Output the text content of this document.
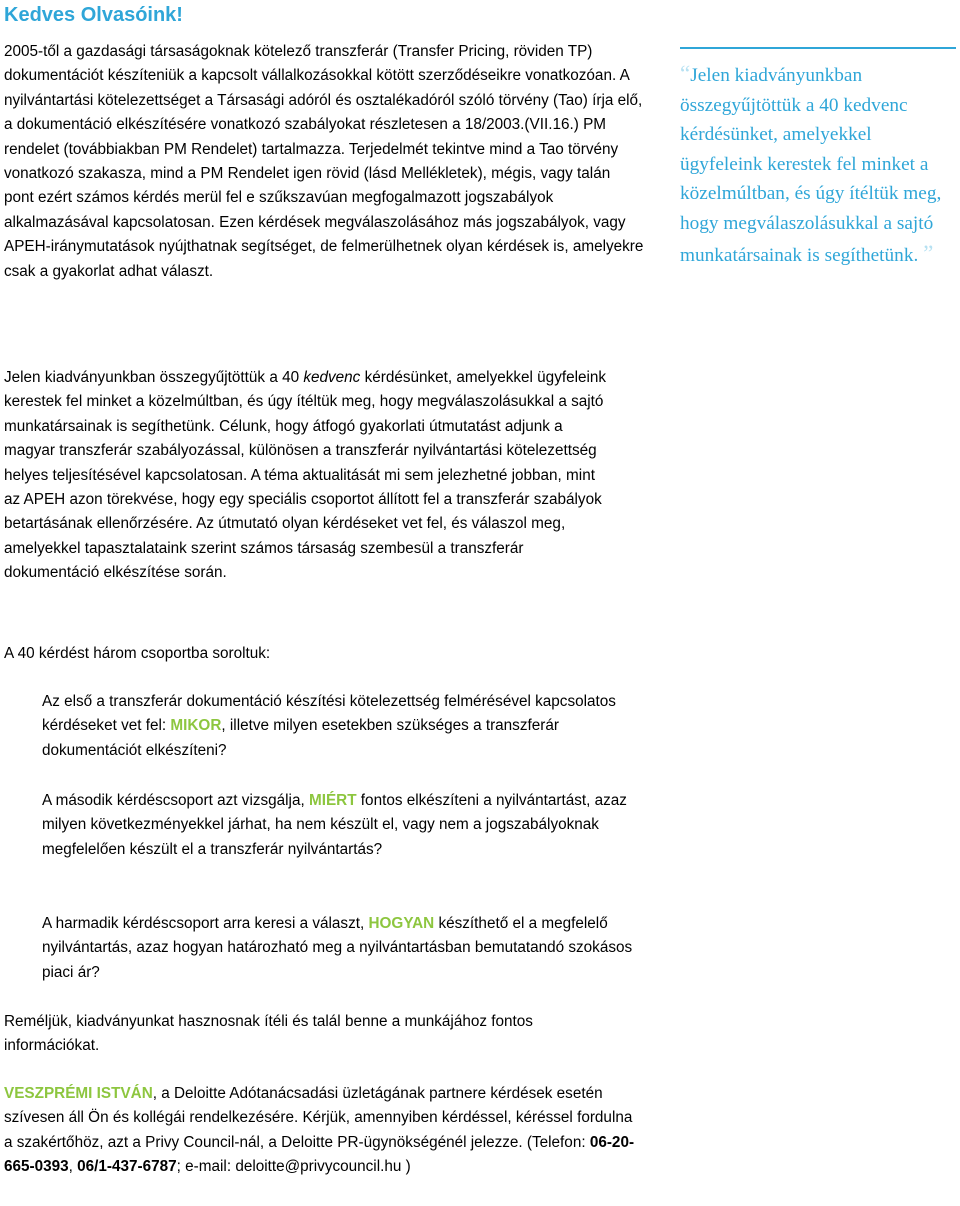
Kedves Olvasóink!

2005-től a gazdasági társaságoknak kötelező transzferár (Transfer Pricing, röviden TP) dokumentációt készíteniük a kapcsolt vállalkozásokkal kötött szerződéseikre vonatkozóan. A nyilvántartási kötelezettséget a Társasági adóról és osztalékadóról szóló törvény (Tao) írja elő, a dokumentáció elkészítésére vonatkozó szabályokat részletesen a 18/2003.(VII.16.) PM rendelet (továbbiakban PM Rendelet) tartalmazza. Terjedelmét tekintve mind a Tao törvény vonatkozó szakasza, mind a PM Rendelet igen rövid (lásd Mellékletek), mégis, vagy talán pont ezért számos kérdés merül fel e szűkszavúan megfogalmazott jogszabályok alkalmazásával kapcsolatosan. Ezen kérdések megválaszolásához más jogszabályok, vagy APEH-iránymutatások nyújthatnak segítséget, de felmerülhetnek olyan kérdések is, amelyekre csak a gyakorlat adhat választ.

“Jelen kiadványunkban összegyűjtöttük a 40 kedvenc kérdésünket, amelyekkel ügyfeleink kerestek fel minket a közelmúltban, és úgy ítéltük meg, hogy megválaszolásukkal a sajtó munkatársainak is segíthetünk. ”

Jelen kiadványunkban összegyűjtöttük a 40 kedvenc kérdésünket, amelyekkel ügyfeleink kerestek fel minket a közelmúltban, és úgy ítéltük meg, hogy megválaszolásukkal a sajtó munkatársainak is segíthetünk. Célunk, hogy átfogó gyakorlati útmutatást adjunk a magyar transzferár szabályozással, különösen a transzferár nyilvántartási kötelezettség helyes teljesítésével kapcsolatosan. A téma aktualitását mi sem jelezhetné jobban, mint az APEH azon törekvése, hogy egy speciális csoportot állított fel a transzferár szabályok betartásának ellenőrzésére. Az útmutató olyan kérdéseket vet fel, és válaszol meg, amelyekkel tapasztalataink szerint számos társaság szembesül a transzferár dokumentáció elkészítése során.

A 40 kérdést három csoportba soroltuk:

Az első a transzferár dokumentáció készítési kötelezettség felmérésével kapcsolatos kérdéseket vet fel: MIKOR, illetve milyen esetekben szükséges a transzferár dokumentációt elkészíteni?

A második kérdéscsoport azt vizsgálja, MIÉRT fontos elkészíteni a nyilvántartást, azaz milyen következményekkel járhat, ha nem készült el, vagy nem a jogszabályoknak megfelelően készült el a transzferár nyilvántartás?

A harmadik kérdéscsoport arra keresi a választ, HOGYAN készíthető el a megfelelő nyilvántartás, azaz hogyan határozható meg a nyilvántartásban bemutatandó szokásos piaci ár?

Reméljük, kiadványunkat hasznosnak ítéli és talál benne a munkájához fontos információkat.

VESZPRÉMI ISTVÁN, a Deloitte Adótanácsadási üzletágának partnere kérdések esetén szívesen áll Ön és kollégái rendelkezésére. Kérjük, amennyiben kérdéssel, kéréssel fordulna a szakértőhöz, azt a Privy Council-nál, a Deloitte PR-ügynökségénél jelezze. (Telefon: 06-20-665-0393, 06/1-437-6787; e-mail: deloitte@privycouncil.hu )
